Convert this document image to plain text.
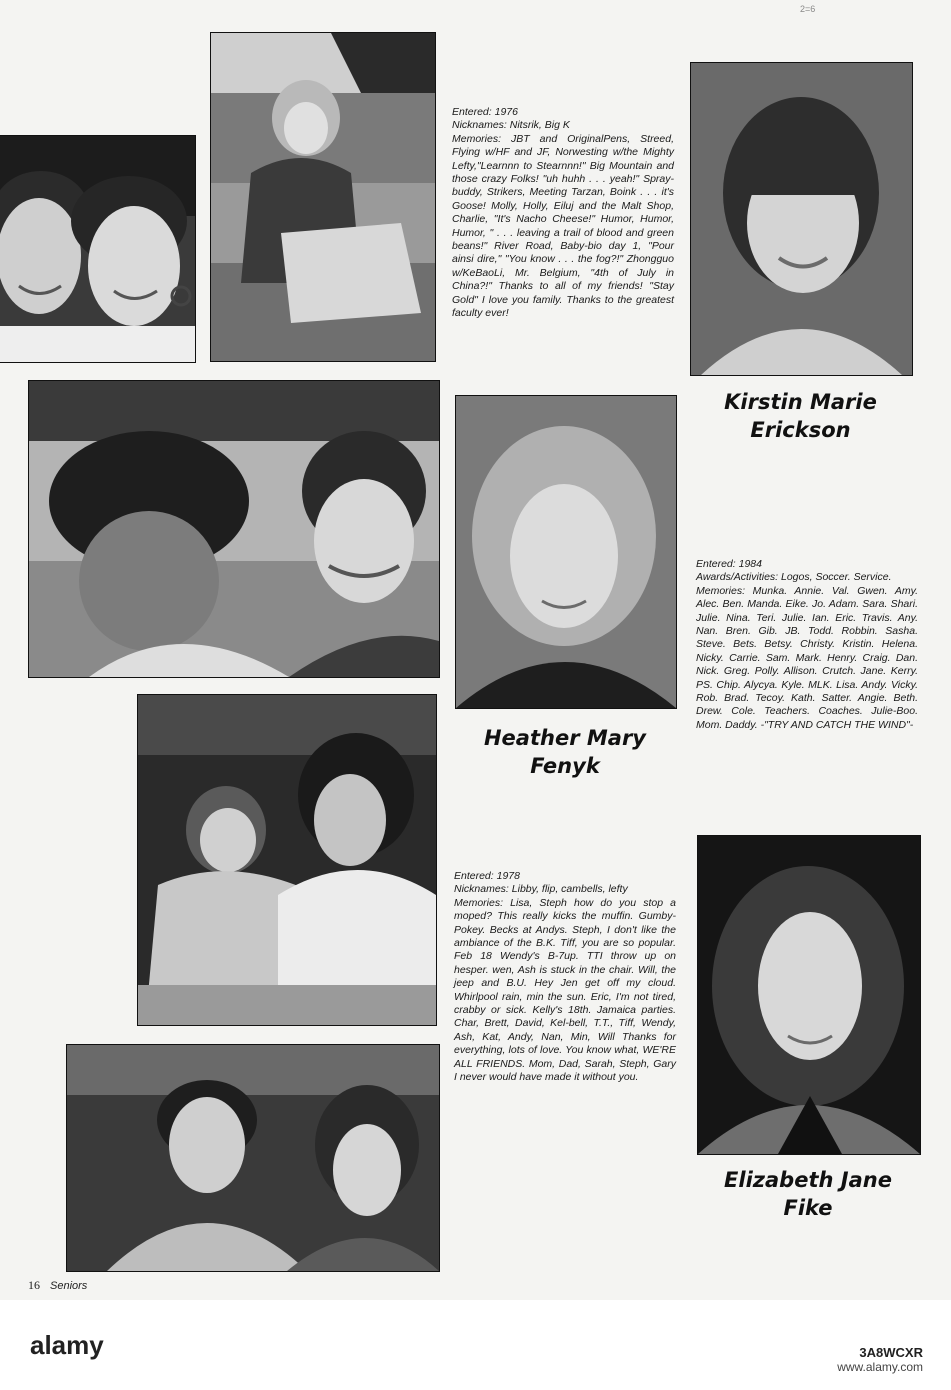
2=6

Entered: 1976
Nicknames: Nitsrik, Big K
Memories: JBT and OriginalPens, Streed, Flying w/HF and JF, Norwesting w/the Mighty Lefty,"Learnnn to Stearnnn!" Big Mountain and those crazy Folks! "uh huhh . . . yeah!" Spray-buddy, Strikers, Meeting Tarzan, Boink . . . it's Goose! Molly, Holly, Eiluj and the Malt Shop, Charlie, "It's Nacho Cheese!" Humor, Humor, Humor, " . . . leaving a trail of blood and green beans!" River Road, Baby-bio day 1, "Pour ainsi dire," "You know . . . the fog?!" Zhongguo w/KeBaoLi, Mr. Belgium, "4th of July in China?!" Thanks to all of my friends! "Stay Gold" I love you family. Thanks to the greatest faculty ever!

Kirstin Marie
Erickson

Heather Mary
Fenyk

Entered: 1984
Awards/Activities: Logos, Soccer. Service.
Memories: Munka. Annie. Val. Gwen. Amy. Alec. Ben. Manda. Eike. Jo. Adam. Sara. Shari. Julie. Nina. Teri. Julie. Ian. Eric. Travis. Any. Nan. Bren. Gib. JB. Todd. Robbin. Sasha. Steve. Bets. Betsy. Christy. Kristin. Helena. Nicky. Carrie. Sam. Mark. Henry. Craig. Dan. Nick. Greg. Polly. Allison. Crutch. Jane. Kerry. PS. Chip. Alycya. Kyle. MLK. Lisa. Andy. Vicky. Rob. Brad. Tecoy. Kath. Satter. Angie. Beth. Drew. Cole. Teachers. Coaches. Julie-Boo. Mom. Daddy. -"TRY AND CATCH THE WIND"-

Entered: 1978
Nicknames: Libby, flip, cambells, lefty
Memories: Lisa, Steph how do you stop a moped? This really kicks the muffin. Gumby-Pokey. Becks at Andys. Steph, I don't like the ambiance of the B.K. Tiff, you are so popular. Feb 18 Wendy's B-7up. TTI throw up on hesper. wen, Ash is stuck in the chair. Will, the jeep and B.U. Hey Jen get off my cloud. Whirlpool rain, min the sun. Eric, I'm not tired, crabby or sick. Kelly's 18th. Jamaica parties. Char, Brett, David, Kel-bell, T.T., Tiff, Wendy, Ash, Kat, Andy, Nan, Min, Will Thanks for everything, lots of love. You know what, WE'RE ALL FRIENDS. Mom, Dad, Sarah, Steph, Gary I never would have made it without you.

Elizabeth Jane
Fike

16 Seniors
alamy	3A8WCXR
www.alamy.com
